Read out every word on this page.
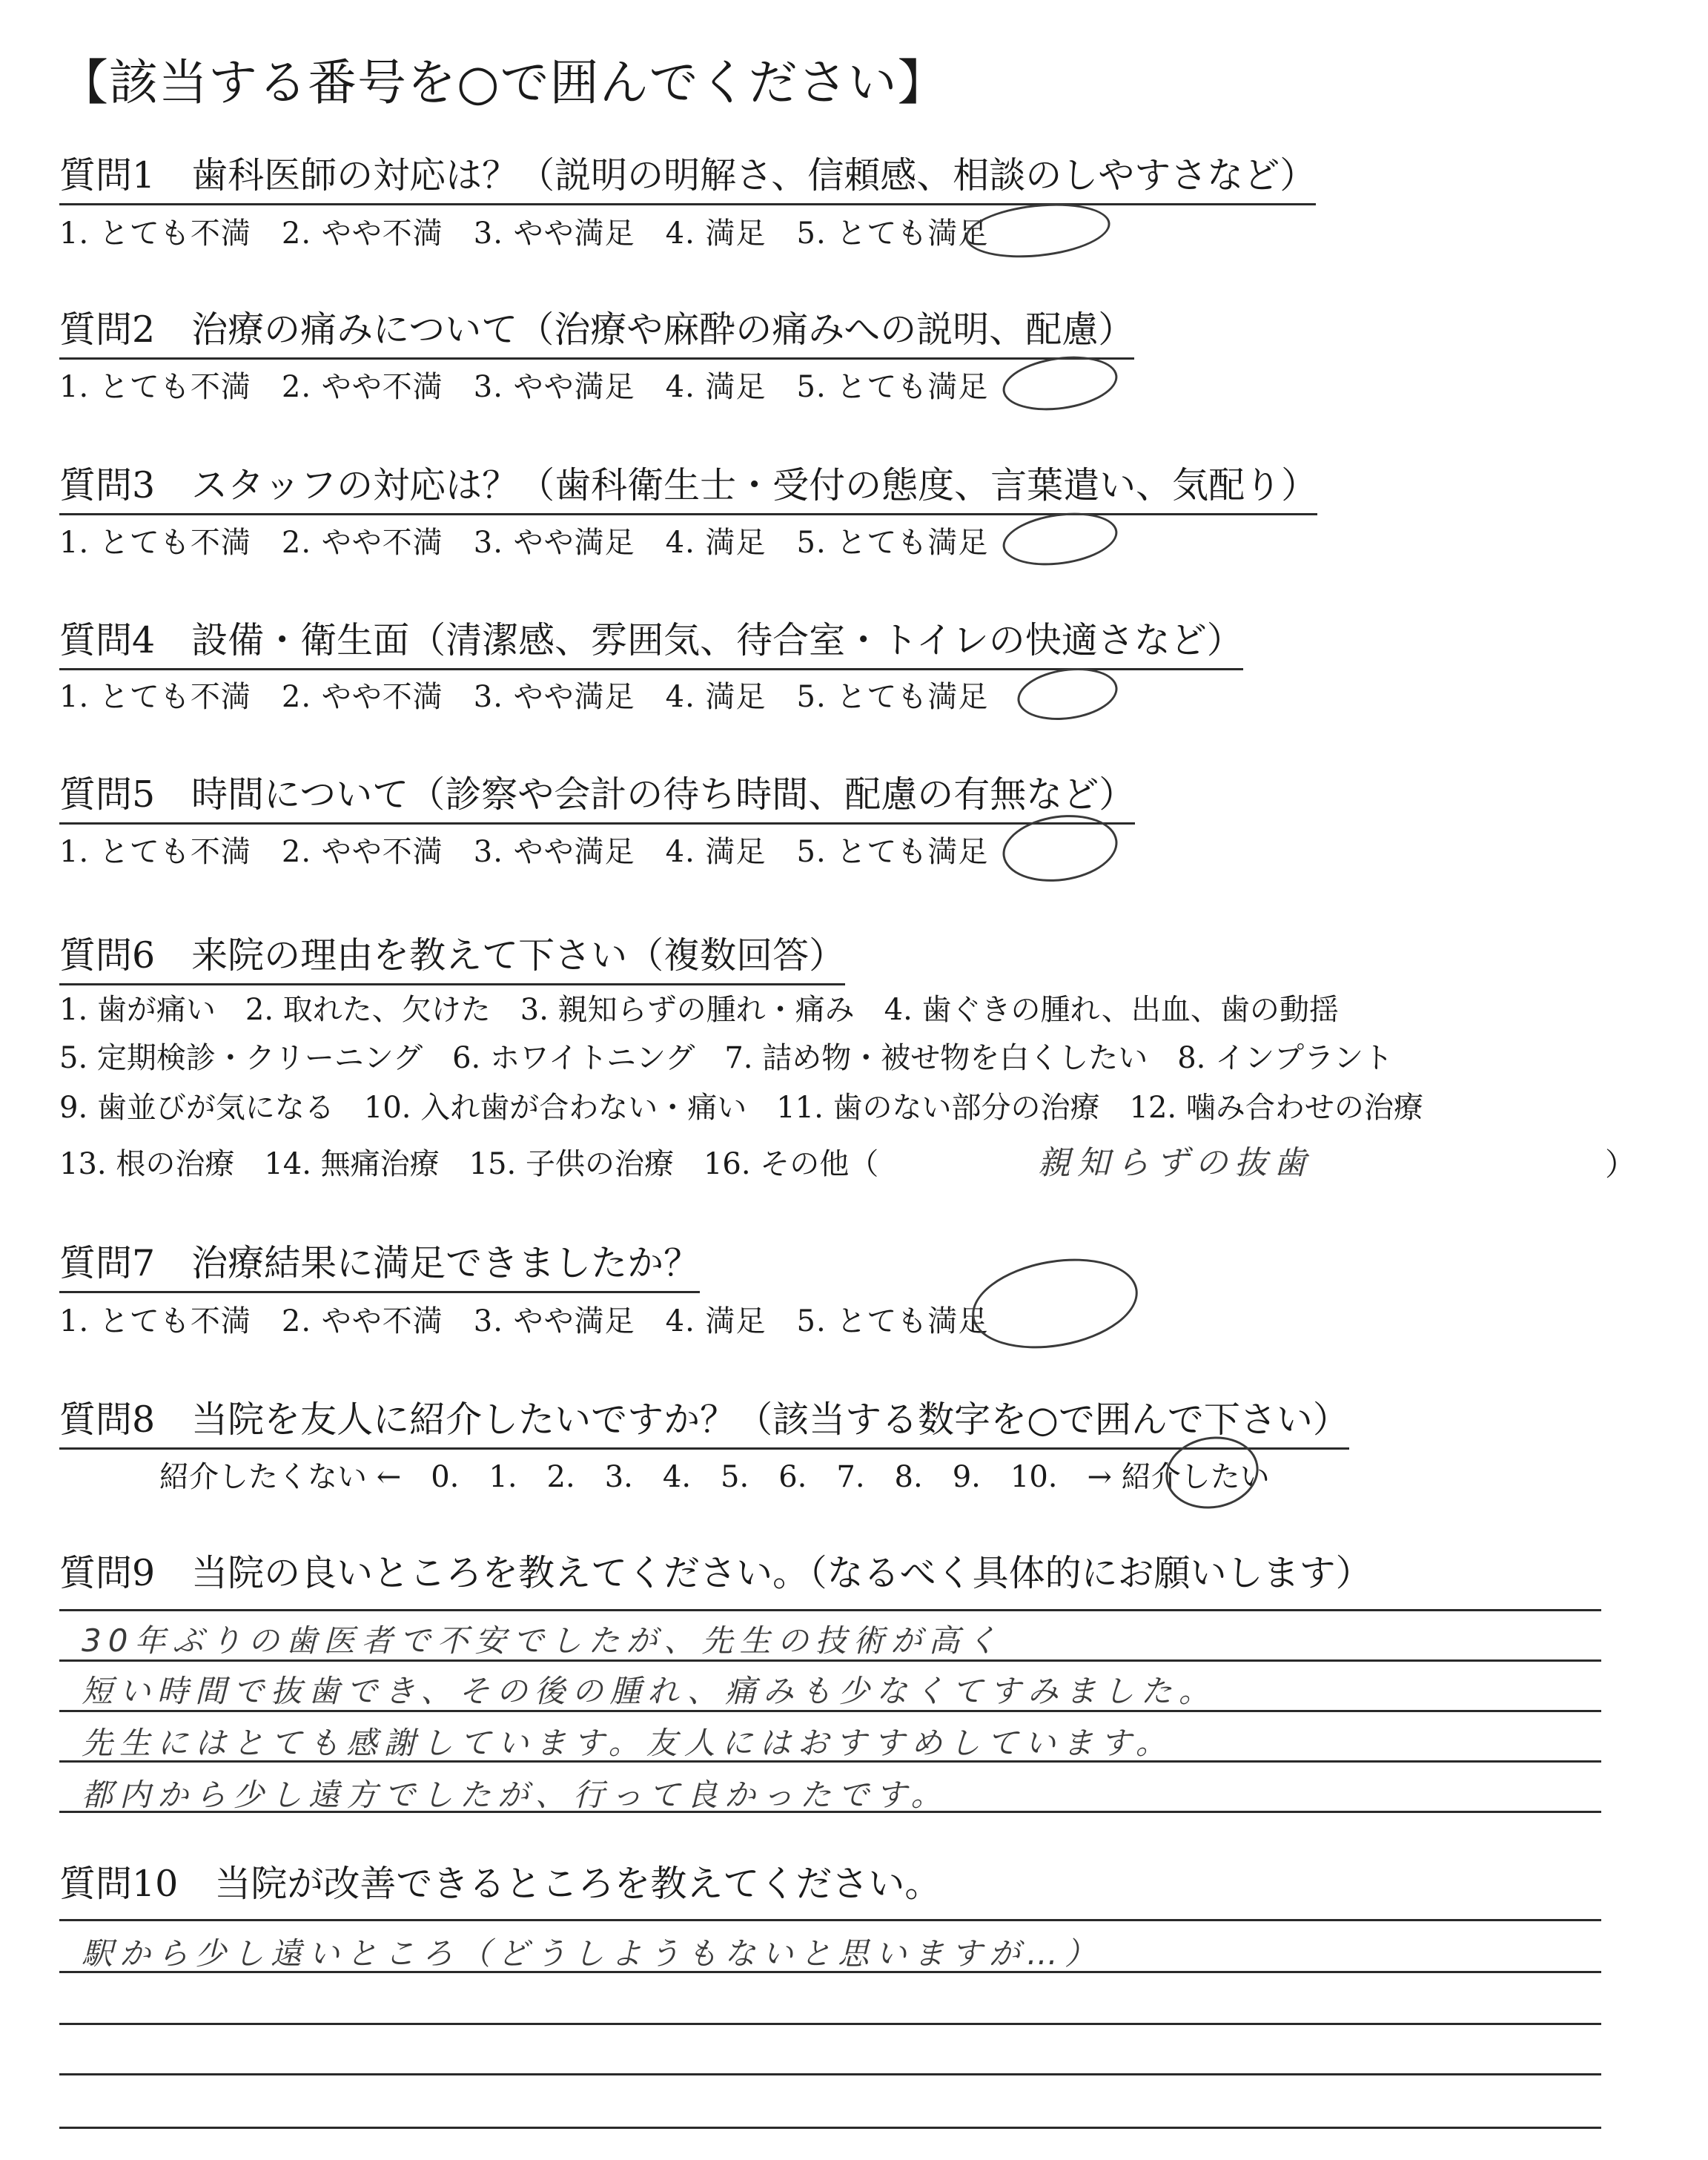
【該当する番号を○で囲んでください】
質問1　歯科医師の対応は？（説明の明解さ、信頼感、相談のしやすさなど）
1. とても不満　2. やや不満　3. やや満足　4. 満足　5. とても満足
質問2　治療の痛みについて（治療や麻酔の痛みへの説明、配慮）
1. とても不満　2. やや不満　3. やや満足　4. 満足　5. とても満足
質問3　スタッフの対応は？（歯科衛生士・受付の態度、言葉遣い、気配り）
1. とても不満　2. やや不満　3. やや満足　4. 満足　5. とても満足
質問4　設備・衛生面（清潔感、雰囲気、待合室・トイレの快適さなど）
1. とても不満　2. やや不満　3. やや満足　4. 満足　5. とても満足
質問5　時間について（診察や会計の待ち時間、配慮の有無など）
1. とても不満　2. やや不満　3. やや満足　4. 満足　5. とても満足
質問6　来院の理由を教えて下さい（複数回答）
1. 歯が痛い　2. 取れた、欠けた　3. 親知らずの腫れ・痛み　4. 歯ぐきの腫れ、出血、歯の動揺
5. 定期検診・クリーニング　6. ホワイトニング　7. 詰め物・被せ物を白くしたい　8. インプラント
9. 歯並びが気になる　10. 入れ歯が合わない・痛い　11. 歯のない部分の治療　12. 噛み合わせの治療
13. 根の治療　14. 無痛治療　15. 子供の治療　16. その他（	親知らずの抜歯	）
質問7　治療結果に満足できましたか？
1. とても不満　2. やや不満　3. やや満足　4. 満足　5. とても満足
質問8　当院を友人に紹介したいですか？（該当する数字を○で囲んで下さい）
紹介したくない ←　0.　1.　2.　3.　4.　5.　6.　7.　8.　9.　10.　→ 紹介したい
質問9　当院の良いところを教えてください。（なるべく具体的にお願いします）
30年ぶりの歯医者で不安でしたが、先生の技術が高く
短い時間で抜歯でき、その後の腫れ、痛みも少なくてすみました。
先生にはとても感謝しています。友人にはおすすめしています。
都内から少し遠方でしたが、行って良かったです。
質問10　当院が改善できるところを教えてください。
駅から少し遠いところ（どうしようもないと思いますが…）
